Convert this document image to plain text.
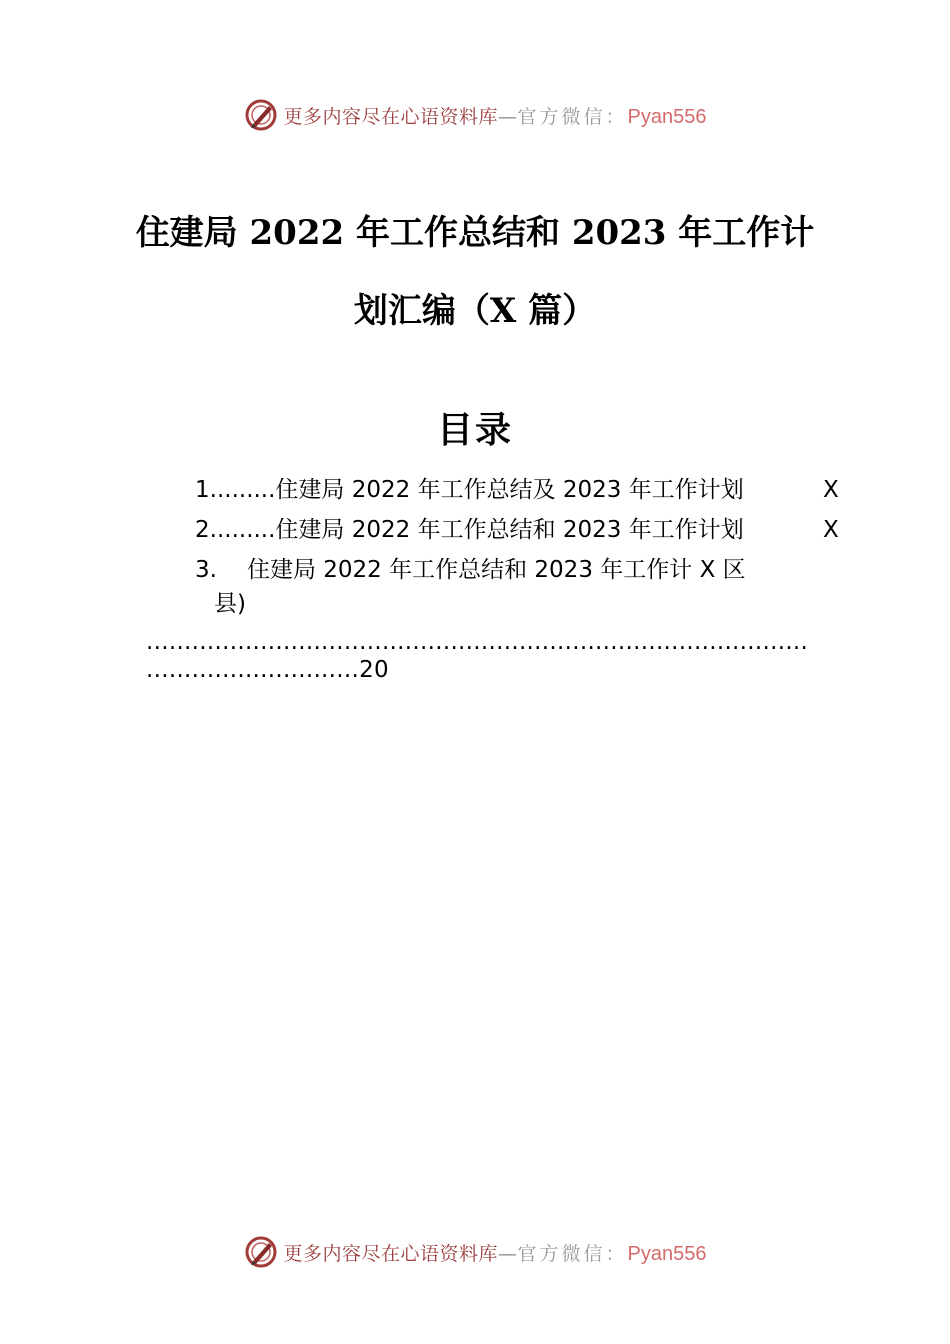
更多内容尽在心语资料库—官方微信：Pyan556
住建局 2022 年工作总结和 2023 年工作计
划汇编（X 篇）
目录
1.........住建局 2022 年工作总结及 2023 年工作计划	X
2.........住建局 2022 年工作总结和 2023 年工作计划	X
3. 住建局 2022 年工作总结和 2023 年工作计 X 区
县)
.......................................................................................
............................20
更多内容尽在心语资料库—官方微信：Pyan556
